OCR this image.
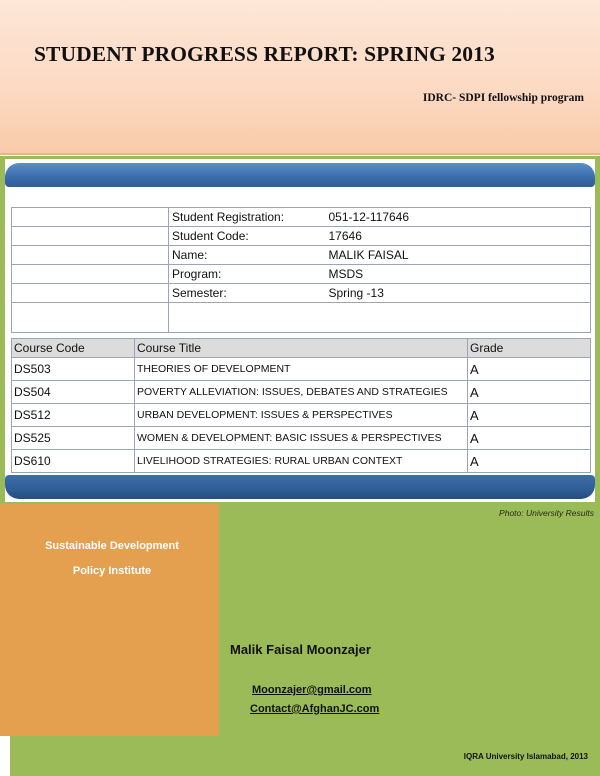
STUDENT PROGRESS REPORT: SPRING 2013
IDRC- SDPI fellowship program
	Student Registration:	051-12-117646
	Student Code:	17646
	Name:	MALIK FAISAL
	Program:	MSDS
	Semester:	Spring -13

Course Code	Course Title	Grade
DS503	THEORIES OF DEVELOPMENT	A
DS504	POVERTY ALLEVIATION: ISSUES, DEBATES AND STRATEGIES	A
DS512	URBAN DEVELOPMENT: ISSUES & PERSPECTIVES	A
DS525	WOMEN & DEVELOPMENT: BASIC ISSUES & PERSPECTIVES	A
DS610	LIVELIHOOD STRATEGIES: RURAL URBAN CONTEXT	A
Photo: University Results
Sustainable Development
Policy Institute
Malik Faisal Moonzajer
Moonzajer@gmail.com
Contact@AfghanJC.com
IQRA University Islamabad, 2013
